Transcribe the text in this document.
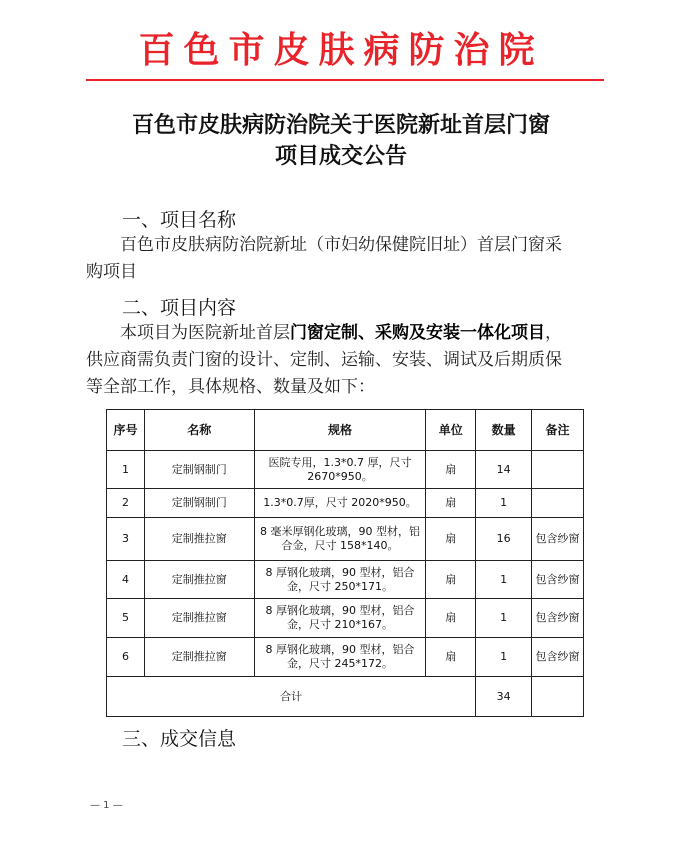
百色市皮肤病防治院
百色市皮肤病防治院关于医院新址首层门窗
项目成交公告
一、项目名称
百色市皮肤病防治院新址（市妇幼保健院旧址）首层门窗采
购项目
二、项目内容
本项目为医院新址首层门窗定制、采购及安装一体化项目，
供应商需负责门窗的设计、定制、运输、安装、调试及后期质保
等全部工作，具体规格、数量及如下：
序号	名称	规格	单位	数量	备注
1	定制钢制门	医院专用，1.3*0.7 厚，尺寸 2670*950。	扇	14	
2	定制钢制门	1.3*0.7厚，尺寸 2020*950。	扇	1	
3	定制推拉窗	8 毫米厚钢化玻璃，90 型材，铝合金，尺寸 158*140。	扇	16	包含纱窗
4	定制推拉窗	8 厚钢化玻璃，90 型材，铝合金，尺寸 250*171。	扇	1	包含纱窗
5	定制推拉窗	8 厚钢化玻璃，90 型材，铝合金，尺寸 210*167。	扇	1	包含纱窗
6	定制推拉窗	8 厚钢化玻璃，90 型材，铝合金，尺寸 245*172。	扇	1	包含纱窗
合计				34	
三、成交信息
— 1 —
